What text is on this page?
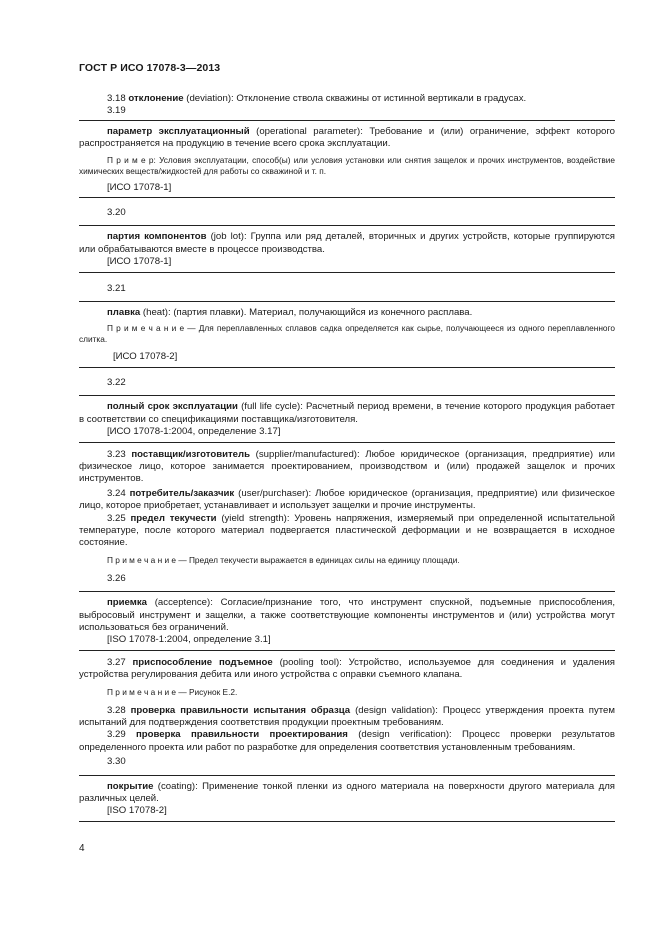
ГОСТ Р ИСО 17078-3—2013

3.18 отклонение (deviation): Отклонение ствола скважины от истинной вертикали в градусах.

3.19

параметр эксплуатационный (operational parameter): Требование и (или) ограничение, эффект которого распространяется на продукцию в течение всего срока эксплуатации.

П р и м е р: Условия эксплуатации, способ(ы) или условия установки или снятия защелок и прочих инструментов, воздействие химических веществ/жидкостей для работы со скважиной и т. п.

[ИСО 17078-1]

3.20

партия компонентов (job lot): Группа или ряд деталей, вторичных и других устройств, которые группируются или обрабатываются вместе в процессе производства.

[ИСО 17078-1]

3.21

плавка (heat): (партия плавки). Материал, получающийся из конечного расплава.

П р и м е ч а н и е — Для переплавленных сплавов садка определяется как сырье, получающееся из одного переплавленного слитка.

[ИСО 17078-2]

3.22

полный срок эксплуатации (full life cycle): Расчетный период времени, в течение которого продукция работает в соответствии со спецификациями поставщика/изготовителя.

[ИСО 17078-1:2004, определение 3.17]

3.23 поставщик/изготовитель (supplier/manufactured): Любое юридическое (организация, предприятие) или физическое лицо, которое занимается проектированием, производством и (или) продажей защелок и прочих инструментов.

3.24 потребитель/заказчик (user/purchaser): Любое юридическое (организация, предприятие) или физическое лицо, которое приобретает, устанавливает и использует защелки и прочие инструменты.

3.25 предел текучести (yield strength): Уровень напряжения, измеряемый при определенной испытательной температуре, после которого материал подвергается пластической деформации и не возвращается в исходное состояние.

П р и м е ч а н и е — Предел текучести выражается в единицах силы на единицу площади.

3.26

приемка (acceptence): Согласие/признание того, что инструмент спускной, подъемные приспособления, выбросовый инструмент и защелки, а также соответствующие компоненты инструментов и (или) устройства могут использоваться без ограничений.

[ISO 17078-1:2004, определение 3.1]

3.27 приспособление подъемное (pooling tool): Устройство, используемое для соединения и удаления устройства регулирования дебита или иного устройства с оправки съемного клапана.

П р и м е ч а н и е — Рисунок Е.2.

3.28 проверка правильности испытания образца (design validation): Процесс утверждения проекта путем испытаний для подтверждения соответствия продукции проектным требованиям.

3.29 проверка правильности проектирования (design verification): Процесс проверки результатов определенного проекта или работ по разработке для определения соответствия установленным требованиям.

3.30

покрытие (coating): Применение тонкой пленки из одного материала на поверхности другого материала для различных целей.

[ISO 17078-2]

4
